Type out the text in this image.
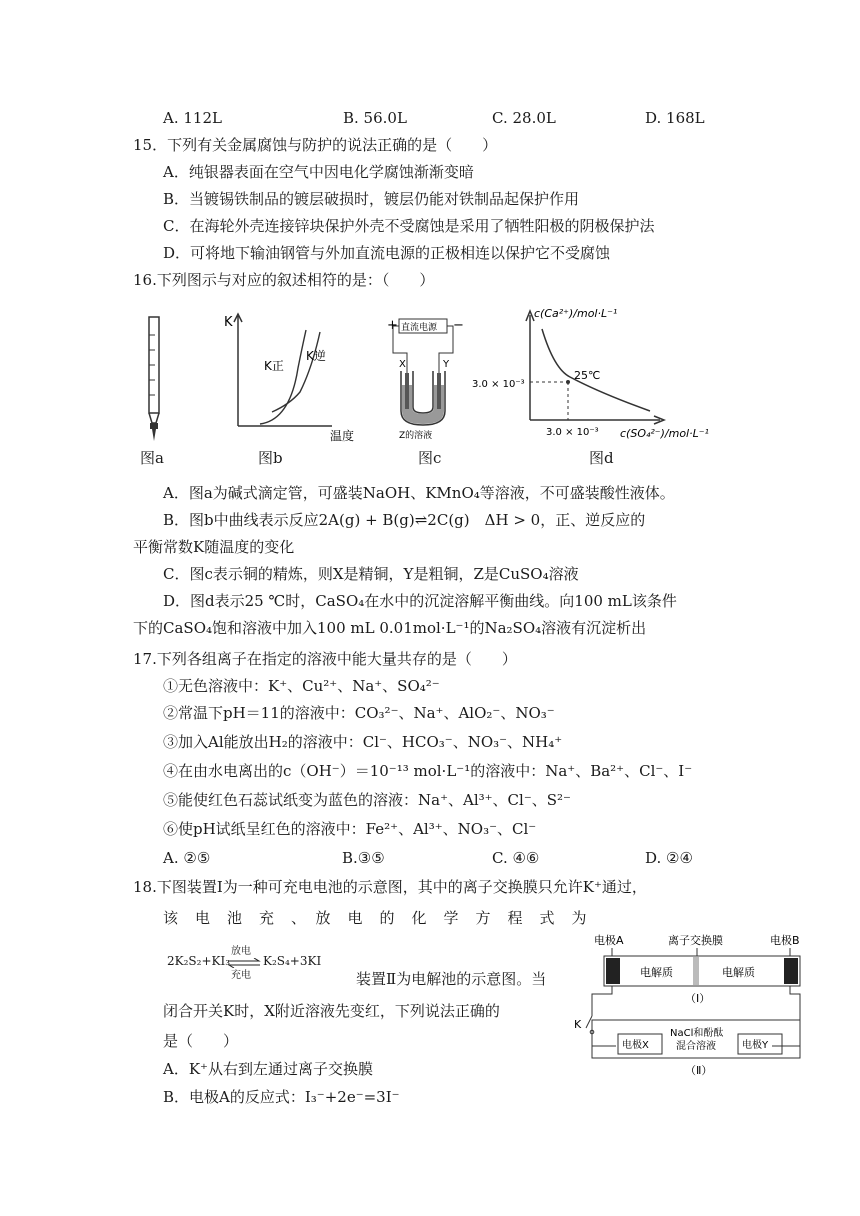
A. 112L	B. 56.0L	C. 28.0L	D. 168L
15．下列有关金属腐蚀与防护的说法正确的是（　　）
A．纯银器表面在空气中因电化学腐蚀渐渐变暗
B．当镀锡铁制品的镀层破损时，镀层仍能对铁制品起保护作用
C．在海轮外壳连接锌块保护外壳不受腐蚀是采用了牺牲阳极的阴极保护法
D．可将地下输油钢管与外加直流电源的正极相连以保护它不受腐蚀
16.下列图示与对应的叙述相符的是：（　　）
K
温度
K正
K逆
+	−
直流电源
X	Y
Z的溶液
c(Ca²⁺)/mol·L⁻¹
c(SO₄²⁻)/mol·L⁻¹
3.0 × 10⁻³
3.0 × 10⁻³
25℃
图a	图b	图c	图d
A．图a为碱式滴定管，可盛装NaOH、KMnO₄等溶液，不可盛装酸性液体。
B．图b中曲线表示反应2A(g) + B(g)⇌2C(g)　ΔH > 0，正、逆反应的
平衡常数K随温度的变化
C．图c表示铜的精炼，则X是精铜，Y是粗铜，Z是CuSO₄溶液
D．图d表示25 ℃时，CaSO₄在水中的沉淀溶解平衡曲线。向100 mL该条件
下的CaSO₄饱和溶液中加入100 mL 0.01mol·L⁻¹的Na₂SO₄溶液有沉淀析出
17.下列各组离子在指定的溶液中能大量共存的是（　　）
①无色溶液中：K⁺、Cu²⁺、Na⁺、SO₄²⁻
②常温下pH＝11的溶液中：CO₃²⁻、Na⁺、AlO₂⁻、NO₃⁻
③加入Al能放出H₂的溶液中：Cl⁻、HCO₃⁻、NO₃⁻、NH₄⁺
④在由水电离出的c（OH⁻）＝10⁻¹³ mol·L⁻¹的溶液中：Na⁺、Ba²⁺、Cl⁻、I⁻
⑤能使红色石蕊试纸变为蓝色的溶液：Na⁺、Al³⁺、Cl⁻、S²⁻
⑥使pH试纸呈红色的溶液中：Fe²⁺、Al³⁺、NO₃⁻、Cl⁻
A. ②⑤	B.③⑤	C. ④⑥	D. ②④
18.下图装置Ⅰ为一种可充电电池的示意图，其中的离子交换膜只允许K⁺通过，
该　电　池　充　、　放　电　的　化　学　方　程　式　为
2K₂S₂+KI₃
放电
充电
K₂S₄+3KI
装置Ⅱ为电解池的示意图。当
闭合开关K时，X附近溶液先变红，下列说法正确的
是（　　）
A．K⁺从右到左通过离子交换膜
B．电极A的反应式：I₃⁻+2e⁻=3I⁻
电极A	离子交换膜	电极B
电解质	电解质
（Ⅰ）
K
电极X	电极Y
NaCl和酚酞
混合溶液
（Ⅱ）
